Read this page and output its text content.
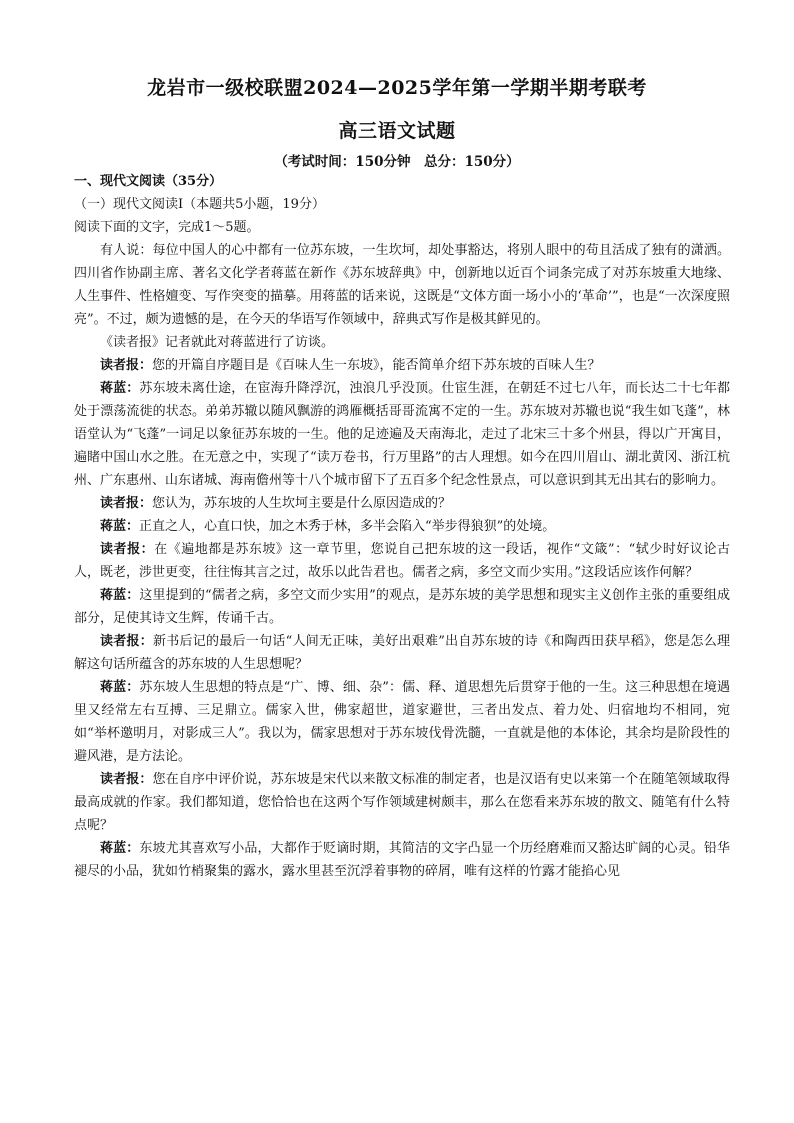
龙岩市一级校联盟2024—2025学年第一学期半期考联考
高三语文试题
（考试时间：150分钟　总分：150分）

一、现代文阅读（35分）

（一）现代文阅读Ⅰ（本题共5小题，19分）

阅读下面的文字，完成1～5题。

有人说：每位中国人的心中都有一位苏东坡，一生坎坷，却处事豁达，将别人眼中的苟且活成了独有的潇洒。四川省作协副主席、著名文化学者蒋蓝在新作《苏东坡辞典》中，创新地以近百个词条完成了对苏东坡重大地缘、人生事件、性格嬗变、写作突变的描摹。用蒋蓝的话来说，这既是“文体方面一场小小的‘革命’”，也是“一次深度照亮”。不过，颇为遗憾的是，在今天的华语写作领域中，辞典式写作是极其鲜见的。

《读者报》记者就此对蒋蓝进行了访谈。

读者报：您的开篇自序题目是《百味人生一东坡》，能否简单介绍下苏东坡的百味人生？

蒋蓝：苏东坡未离仕途，在宦海升降浮沉，浊浪几乎没顶。仕宦生涯，在朝廷不过七八年，而长达二十七年都处于漂荡流徙的状态。弟弟苏辙以随风飘游的鸿雁概括哥哥流寓不定的一生。苏东坡对苏辙也说“我生如飞蓬”，林语堂认为“飞蓬”一词足以象征苏东坡的一生。他的足迹遍及天南海北，走过了北宋三十多个州县，得以广开寓目，遍睹中国山水之胜。在无意之中，实现了“读万卷书，行万里路”的古人理想。如今在四川眉山、湖北黄冈、浙江杭州、广东惠州、山东诸城、海南儋州等十八个城市留下了五百多个纪念性景点，可以意识到其无出其右的影响力。

读者报：您认为，苏东坡的人生坎坷主要是什么原因造成的？

蒋蓝：正直之人，心直口快，加之木秀于林，多半会陷入“举步得狼狈”的处境。

读者报：在《遍地都是苏东坡》这一章节里，您说自己把东坡的这一段话，视作“文箴”：“轼少时好议论古人，既老，涉世更变，往往悔其言之过，故乐以此告君也。儒者之病，多空文而少实用。”这段话应该作何解？

蒋蓝：这里提到的“儒者之病，多空文而少实用”的观点，是苏东坡的美学思想和现实主义创作主张的重要组成部分，足使其诗文生辉，传诵千古。

读者报：新书后记的最后一句话“人间无正味，美好出艰难”出自苏东坡的诗《和陶西田获早稻》，您是怎么理解这句话所蕴含的苏东坡的人生思想呢？

蒋蓝：苏东坡人生思想的特点是“广、博、细、杂”：儒、释、道思想先后贯穿于他的一生。这三种思想在境遇里又经常左右互搏、三足鼎立。儒家入世，佛家超世，道家避世，三者出发点、着力处、归宿地均不相同，宛如“举杯邀明月，对影成三人”。我以为，儒家思想对于苏东坡伐骨洗髓，一直就是他的本体论，其余均是阶段性的避风港，是方法论。

读者报：您在自序中评价说，苏东坡是宋代以来散文标准的制定者，也是汉语有史以来第一个在随笔领域取得最高成就的作家。我们都知道，您恰恰也在这两个写作领域建树颇丰，那么在您看来苏东坡的散文、随笔有什么特点呢？

蒋蓝：东坡尤其喜欢写小品，大都作于贬谪时期，其简洁的文字凸显一个历经磨难而又豁达旷阔的心灵。铅华褪尽的小品，犹如竹梢聚集的露水，露水里甚至沉浮着事物的碎屑，唯有这样的竹露才能掐心见
